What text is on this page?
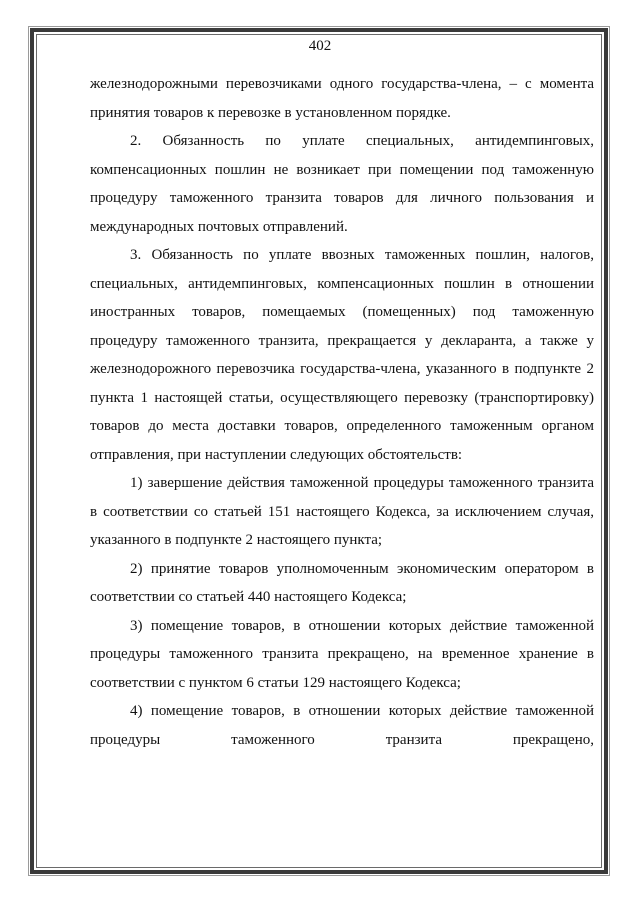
402

железнодорожными перевозчиками одного государства-члена, – с момента принятия товаров к перевозке в установленном порядке.

2. Обязанность по уплате специальных, антидемпинговых, компенсационных пошлин не возникает при помещении под таможенную процедуру таможенного транзита товаров для личного пользования и международных почтовых отправлений.

3. Обязанность по уплате ввозных таможенных пошлин, налогов, специальных, антидемпинговых, компенсационных пошлин в отношении иностранных товаров, помещаемых (помещенных) под таможенную процедуру таможенного транзита, прекращается у декларанта, а также у железнодорожного перевозчика государства-члена, указанного в подпункте 2 пункта 1 настоящей статьи, осуществляющего перевозку (транспортировку) товаров до места доставки товаров, определенного таможенным органом отправления, при наступлении следующих обстоятельств:

1) завершение действия таможенной процедуры таможенного транзита в соответствии со статьей 151 настоящего Кодекса, за исключением случая, указанного в подпункте 2 настоящего пункта;

2) принятие товаров уполномоченным экономическим оператором в соответствии со статьей 440 настоящего Кодекса;

3) помещение товаров, в отношении которых действие таможенной процедуры таможенного транзита прекращено, на временное хранение в соответствии с пунктом 6 статьи 129 настоящего Кодекса;

4) помещение товаров, в отношении которых действие таможенной процедуры таможенного транзита прекращено,
